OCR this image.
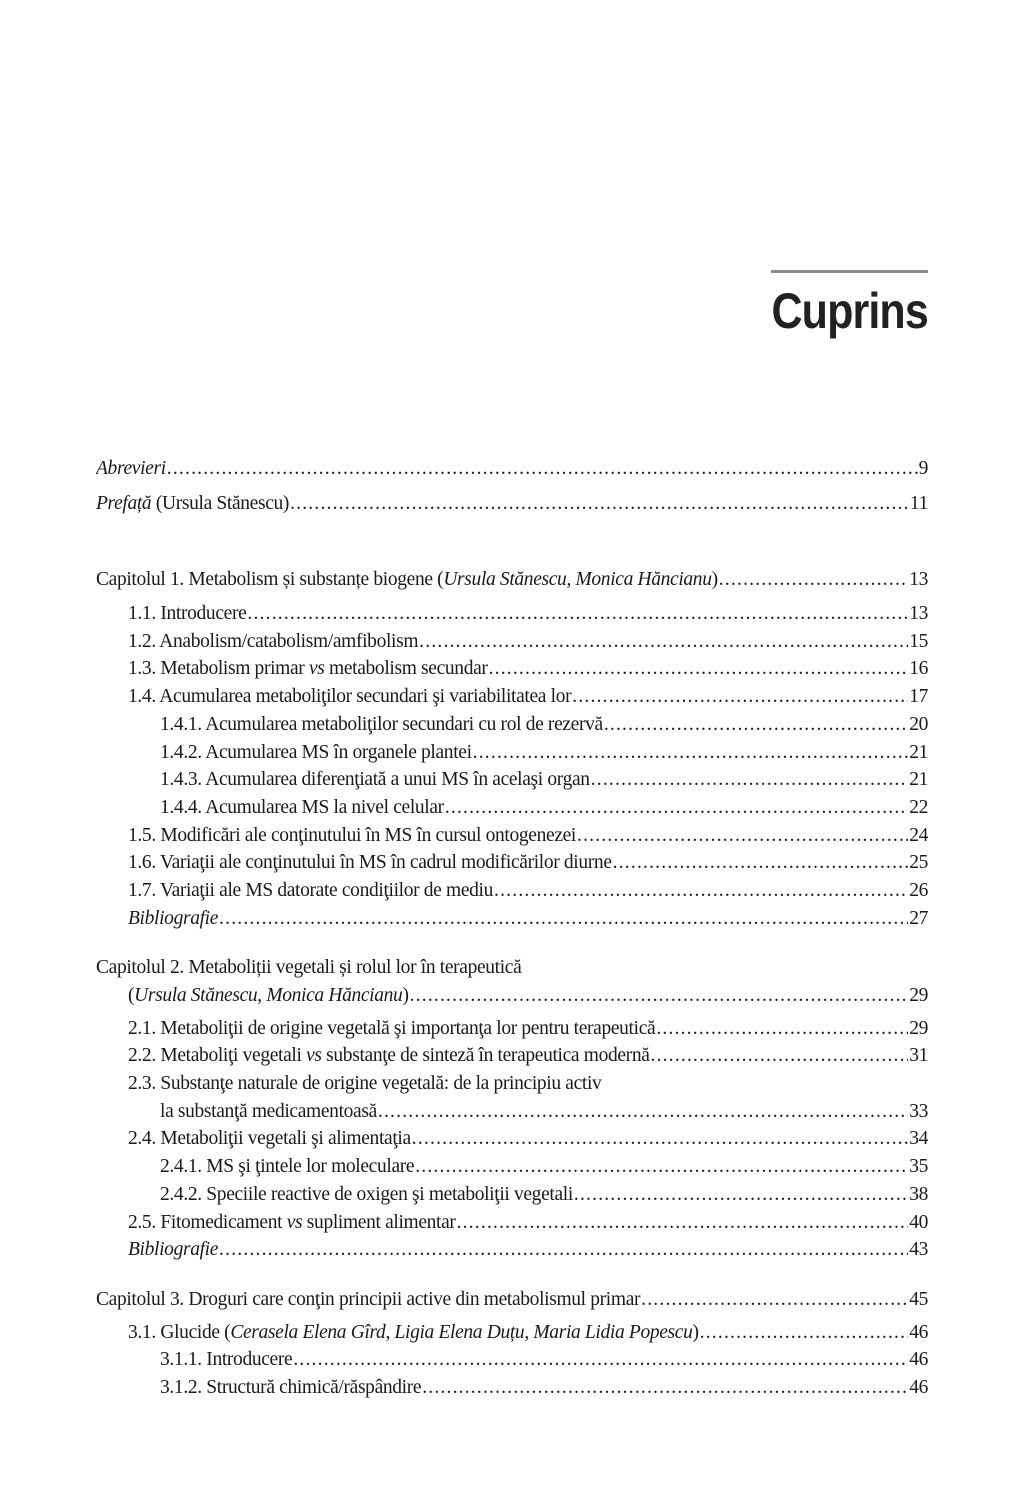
Cuprins
Abrevieri .....	9
Prefață (Ursula Stănescu) .....	11
Capitolul 1. Metabolism și substanțe biogene (Ursula Stănescu, Monica Hăncianu) .....	13
1.1. Introducere .....	13
1.2. Anabolism/catabolism/amfibolism .....	15
1.3. Metabolism primar vs metabolism secundar .....	16
1.4. Acumularea metaboliţilor secundari şi variabilitatea lor .....	17
1.4.1. Acumularea metaboliţilor secundari cu rol de rezervă .....	20
1.4.2. Acumularea MS în organele plantei .....	21
1.4.3. Acumularea diferenţiată a unui MS în acelaşi organ .....	21
1.4.4. Acumularea MS la nivel celular .....	22
1.5. Modificări ale conţinutului în MS în cursul ontogenezei .....	24
1.6. Variaţii ale conţinutului în MS în cadrul modificărilor diurne .....	25
1.7. Variaţii ale MS datorate condiţiilor de mediu .....	26
Bibliografie .....	27
Capitolul 2. Metaboliții vegetali și rolul lor în terapeutică
(Ursula Stănescu, Monica Hăncianu) .....	29
2.1. Metaboliţii de origine vegetală şi importanţa lor pentru terapeutică .....	29
2.2. Metaboliţi vegetali vs substanţe de sinteză în terapeutica modernă .....	31
2.3. Substanţe naturale de origine vegetală: de la principiu activ
la substanţă medicamentoasă .....	33
2.4. Metaboliţii vegetali şi alimentaţia .....	34
2.4.1. MS şi ţintele lor moleculare .....	35
2.4.2. Speciile reactive de oxigen şi metaboliţii vegetali .....	38
2.5. Fitomedicament vs supliment alimentar .....	40
Bibliografie .....	43
Capitolul 3. Droguri care conţin principii active din metabolismul primar .....	45
3.1. Glucide (Cerasela Elena Gîrd, Ligia Elena Duțu, Maria Lidia Popescu) .....	46
3.1.1. Introducere .....	46
3.1.2. Structură chimică/răspândire .....	46
